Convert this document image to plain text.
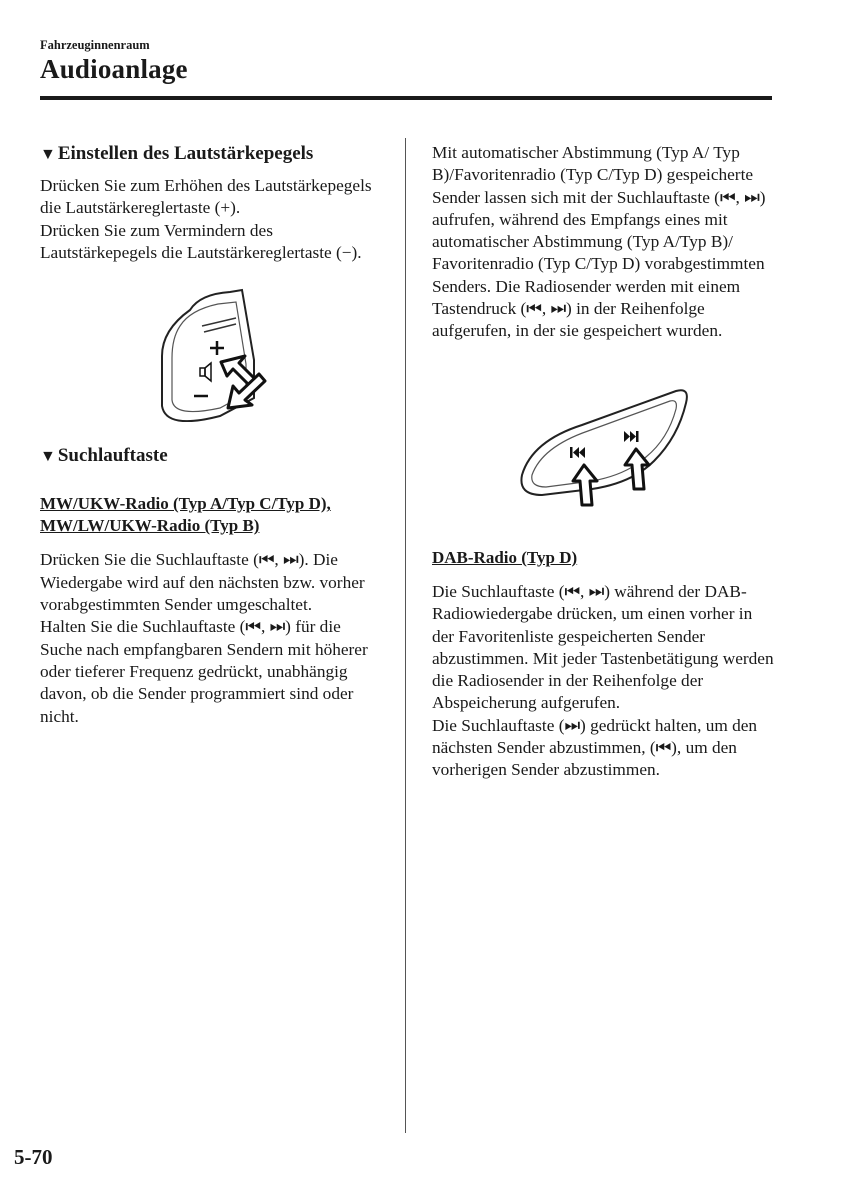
Fahrzeuginnenraum
Audioanlage
▼ Einstellen des Lautstärkepegels

Drücken Sie zum Erhöhen des Lautstärkepegels die Lautstärkereglertaste (+).

Drücken Sie zum Vermindern des Lautstärkepegels die Lautstärkereglertaste (−).

▼ Suchlauftaste
MW/UKW-Radio (Typ A/Typ C/Typ D),
MW/LW/UKW-Radio (Typ B)

Drücken Sie die Suchlauftaste (⏮, ⏭). Die Wiedergabe wird auf den nächsten bzw. vorher vorabgestimmten Sender umgeschaltet.

Halten Sie die Suchlauftaste (⏮, ⏭) für die Suche nach empfangbaren Sendern mit höherer oder tieferer Frequenz gedrückt, unabhängig davon, ob die Sender programmiert sind oder nicht.

Mit automatischer Abstimmung (Typ A/ Typ B)/Favoritenradio (Typ C/Typ D) gespeicherte Sender lassen sich mit der Suchlauftaste (⏮, ⏭) aufrufen, während des Empfangs eines mit automatischer Abstimmung (Typ A/Typ B)/ Favoritenradio (Typ C/Typ D) vorabgestimmten Senders. Die Radiosender werden mit einem Tastendruck (⏮, ⏭) in der Reihenfolge aufgerufen, in der sie gespeichert wurden.

DAB-Radio (Typ D)

Die Suchlauftaste (⏮, ⏭) während der DAB-Radiowiedergabe drücken, um einen vorher in der Favoritenliste gespeicherten Sender abzustimmen. Mit jeder Tastenbetätigung werden die Radiosender in der Reihenfolge der Abspeicherung aufgerufen.

Die Suchlauftaste (⏭) gedrückt halten, um den nächsten Sender abzustimmen, (⏮), um den vorherigen Sender abzustimmen.

5-70
